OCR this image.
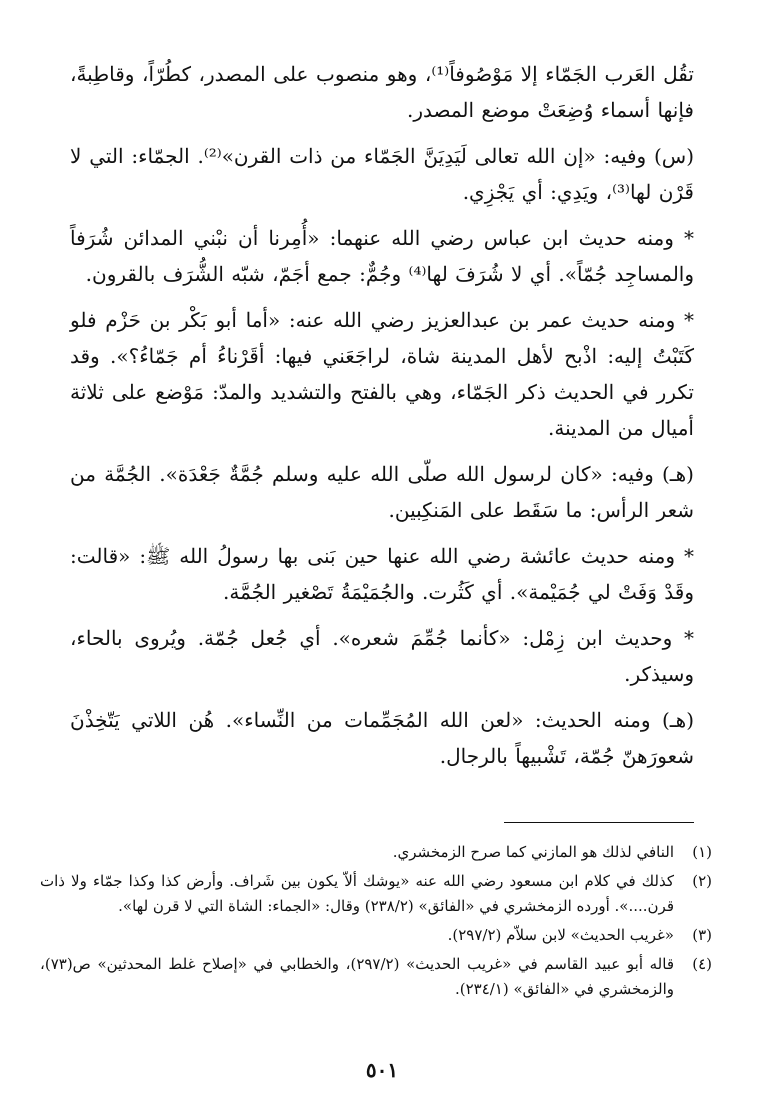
تقُل العَرب الجَمّاء إلا مَوْصُوفاً⁽¹⁾، وهو منصوب على المصدر، كطُرّاً، وقاطِبةً، فإنها أسماء وُضِعَتْ موضع المصدر.

(س) وفيه: «إن الله تعالى لَيَدِيَنَّ الجَمّاء من ذات القرن»⁽²⁾. الجمّاء: التي لا قَرْن لها⁽³⁾، ويَدِي: أي يَجْزِي.

* ومنه حديث ابن عباس رضي الله عنهما: «أُمِرنا أن نبْني المدائن شُرَفاً والمساجِد جُمّاً». أي لا شُرَفَ لها⁽⁴⁾ وجُمٌّ: جمع أجَمّ، شبّه الشُّرَف بالقرون.

* ومنه حديث عمر بن عبدالعزيز رضي الله عنه: «أما أبو بَكْر بن حَزْم فلو كَتَبْتُ إليه: اذْبح لأهل المدينة شاة، لراجَعَني فيها: أقَرْناءُ أم جَمّاءُ؟». وقد تكرر في الحديث ذكر الجَمّاء، وهي بالفتح والتشديد والمدّ: مَوْضع على ثلاثة أميال من المدينة.

(هـ) وفيه: «كان لرسول الله صلّى الله عليه وسلم جُمَّةٌ جَعْدَة». الجُمَّة من شعر الرأس: ما سَقَط على المَنكِبين.

* ومنه حديث عائشة رضي الله عنها حين بَنى بها رسولُ الله ﷺ: «قالت: وقَدْ وَفَتْ لي جُمَيْمة». أي كَثُرت. والجُمَيْمَةُ تَصْغير الجُمَّة.

* وحديث ابن زِمْل: «كأنما جُمِّمَ شعره». أي جُعل جُمّة. ويُروى بالحاء، وسيذكر.

(هـ) ومنه الحديث: «لعن الله المُجَمِّمات من النِّساء». هُن اللاتي يَتّخِذْنَ شعورَهنّ جُمّة، تَشْبيهاً بالرجال.

(١)
النافي لذلك هو المازني كما صرح الزمخشري.
(٢)
كذلك في كلام ابن مسعود رضي الله عنه «يوشك ألاّ يكون بين شَراف. وأرض كذا وكذا جمّاء ولا ذات قرن....». أورده الزمخشري في «الفائق» (٢٣٨/٢) وقال: «الجماء: الشاة التي لا قرن لها».
(٣)
«غريب الحديث» لابن سلاّم (٢٩٧/٢).
(٤)
قاله أبو عبيد القاسم في «غريب الحديث» (٢٩٧/٢)، والخطابي في «إصلاح غلط المحدثين» ص(٧٣)، والزمخشري في «الفائق» (٢٣٤/١).
٥٠١
